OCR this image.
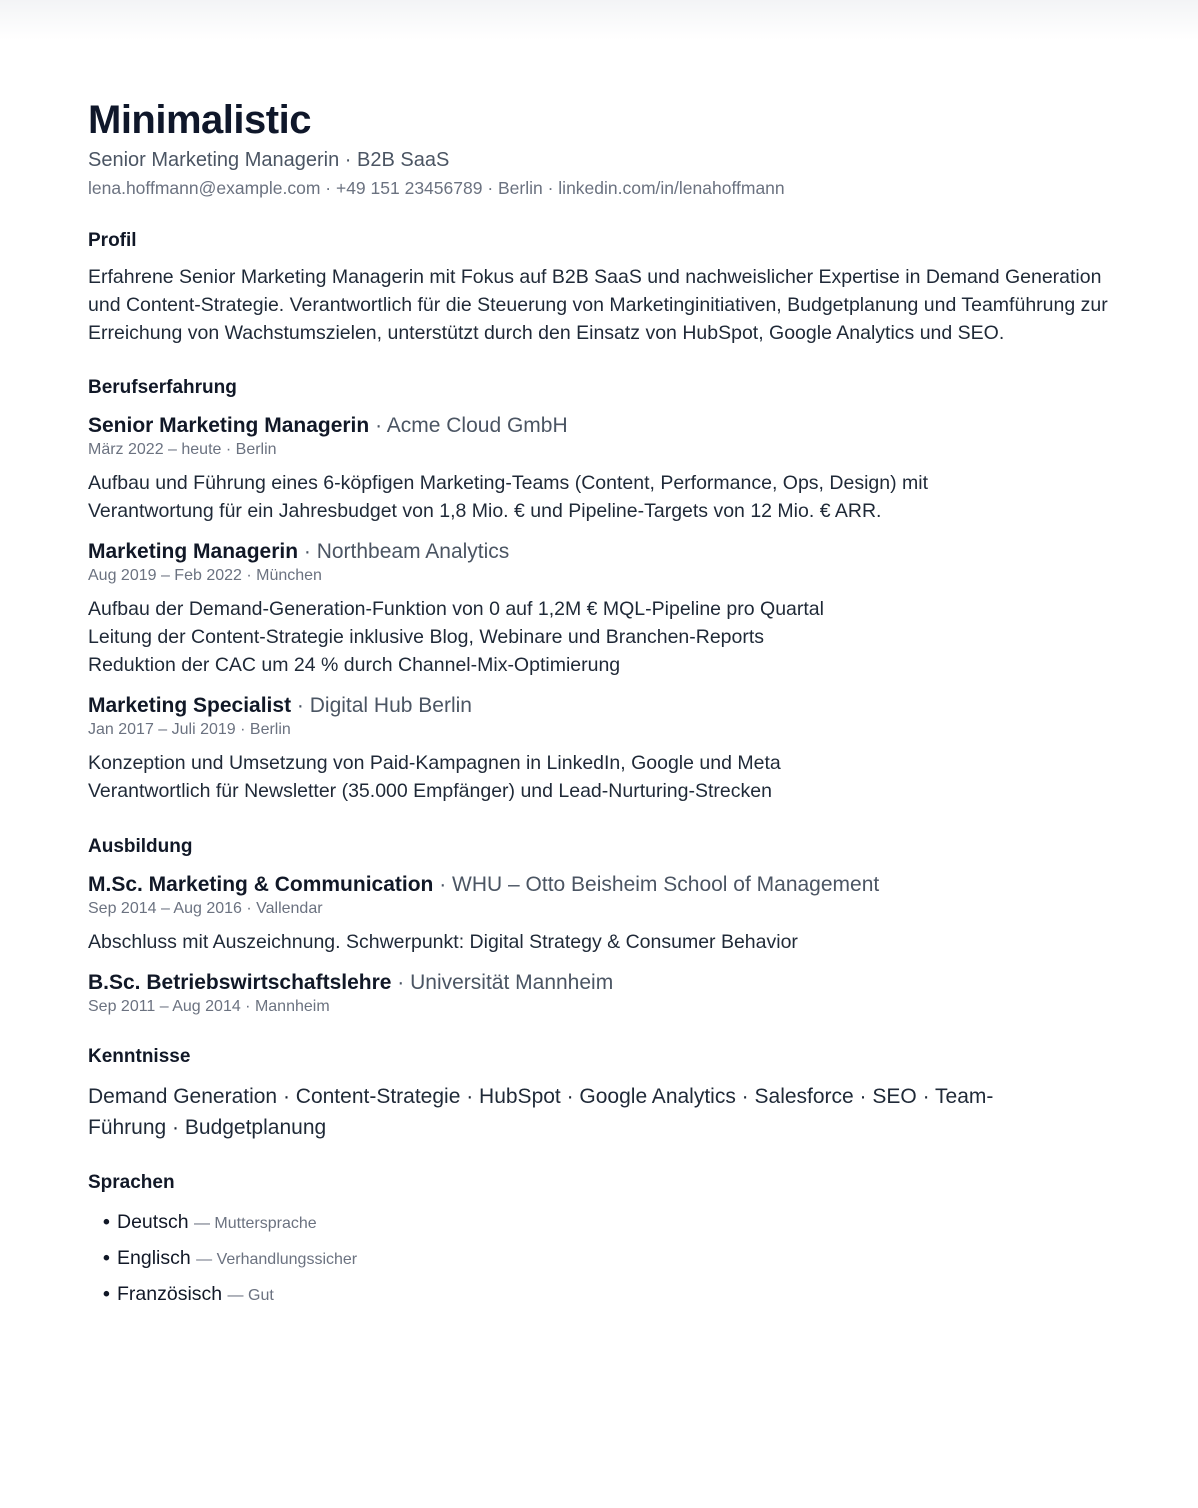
Minimalistic
Senior Marketing Managerin · B2B SaaS
lena.hoffmann@example.com · +49 151 23456789 · Berlin · linkedin.com/in/lenahoffmann
Profil
Erfahrene Senior Marketing Managerin mit Fokus auf B2B SaaS und nachweislicher Expertise in Demand Generation und Content-Strategie. Verantwortlich für die Steuerung von Marketinginitiativen, Budgetplanung und Teamführung zur Erreichung von Wachstumszielen, unterstützt durch den Einsatz von HubSpot, Google Analytics und SEO.
Berufserfahrung
Senior Marketing Managerin · Acme Cloud GmbH
März 2022 – heute · Berlin
Aufbau und Führung eines 6-köpfigen Marketing-Teams (Content, Performance, Ops, Design) mit
Verantwortung für ein Jahresbudget von 1,8 Mio. € und Pipeline-Targets von 12 Mio. € ARR.
Marketing Managerin · Northbeam Analytics
Aug 2019 – Feb 2022 · München
Aufbau der Demand-Generation-Funktion von 0 auf 1,2M € MQL-Pipeline pro Quartal
Leitung der Content-Strategie inklusive Blog, Webinare und Branchen-Reports
Reduktion der CAC um 24 % durch Channel-Mix-Optimierung
Marketing Specialist · Digital Hub Berlin
Jan 2017 – Juli 2019 · Berlin
Konzeption und Umsetzung von Paid-Kampagnen in LinkedIn, Google und Meta
Verantwortlich für Newsletter (35.000 Empfänger) und Lead-Nurturing-Strecken
Ausbildung
M.Sc. Marketing & Communication · WHU – Otto Beisheim School of Management
Sep 2014 – Aug 2016 · Vallendar
Abschluss mit Auszeichnung. Schwerpunkt: Digital Strategy & Consumer Behavior
B.Sc. Betriebswirtschaftslehre · Universität Mannheim
Sep 2011 – Aug 2014 · Mannheim
Kenntnisse
Demand Generation · Content-Strategie · HubSpot · Google Analytics · Salesforce · SEO · Team-Führung · Budgetplanung
Sprachen
• Deutsch — Muttersprache
• Englisch — Verhandlungssicher
• Französisch — Gut
